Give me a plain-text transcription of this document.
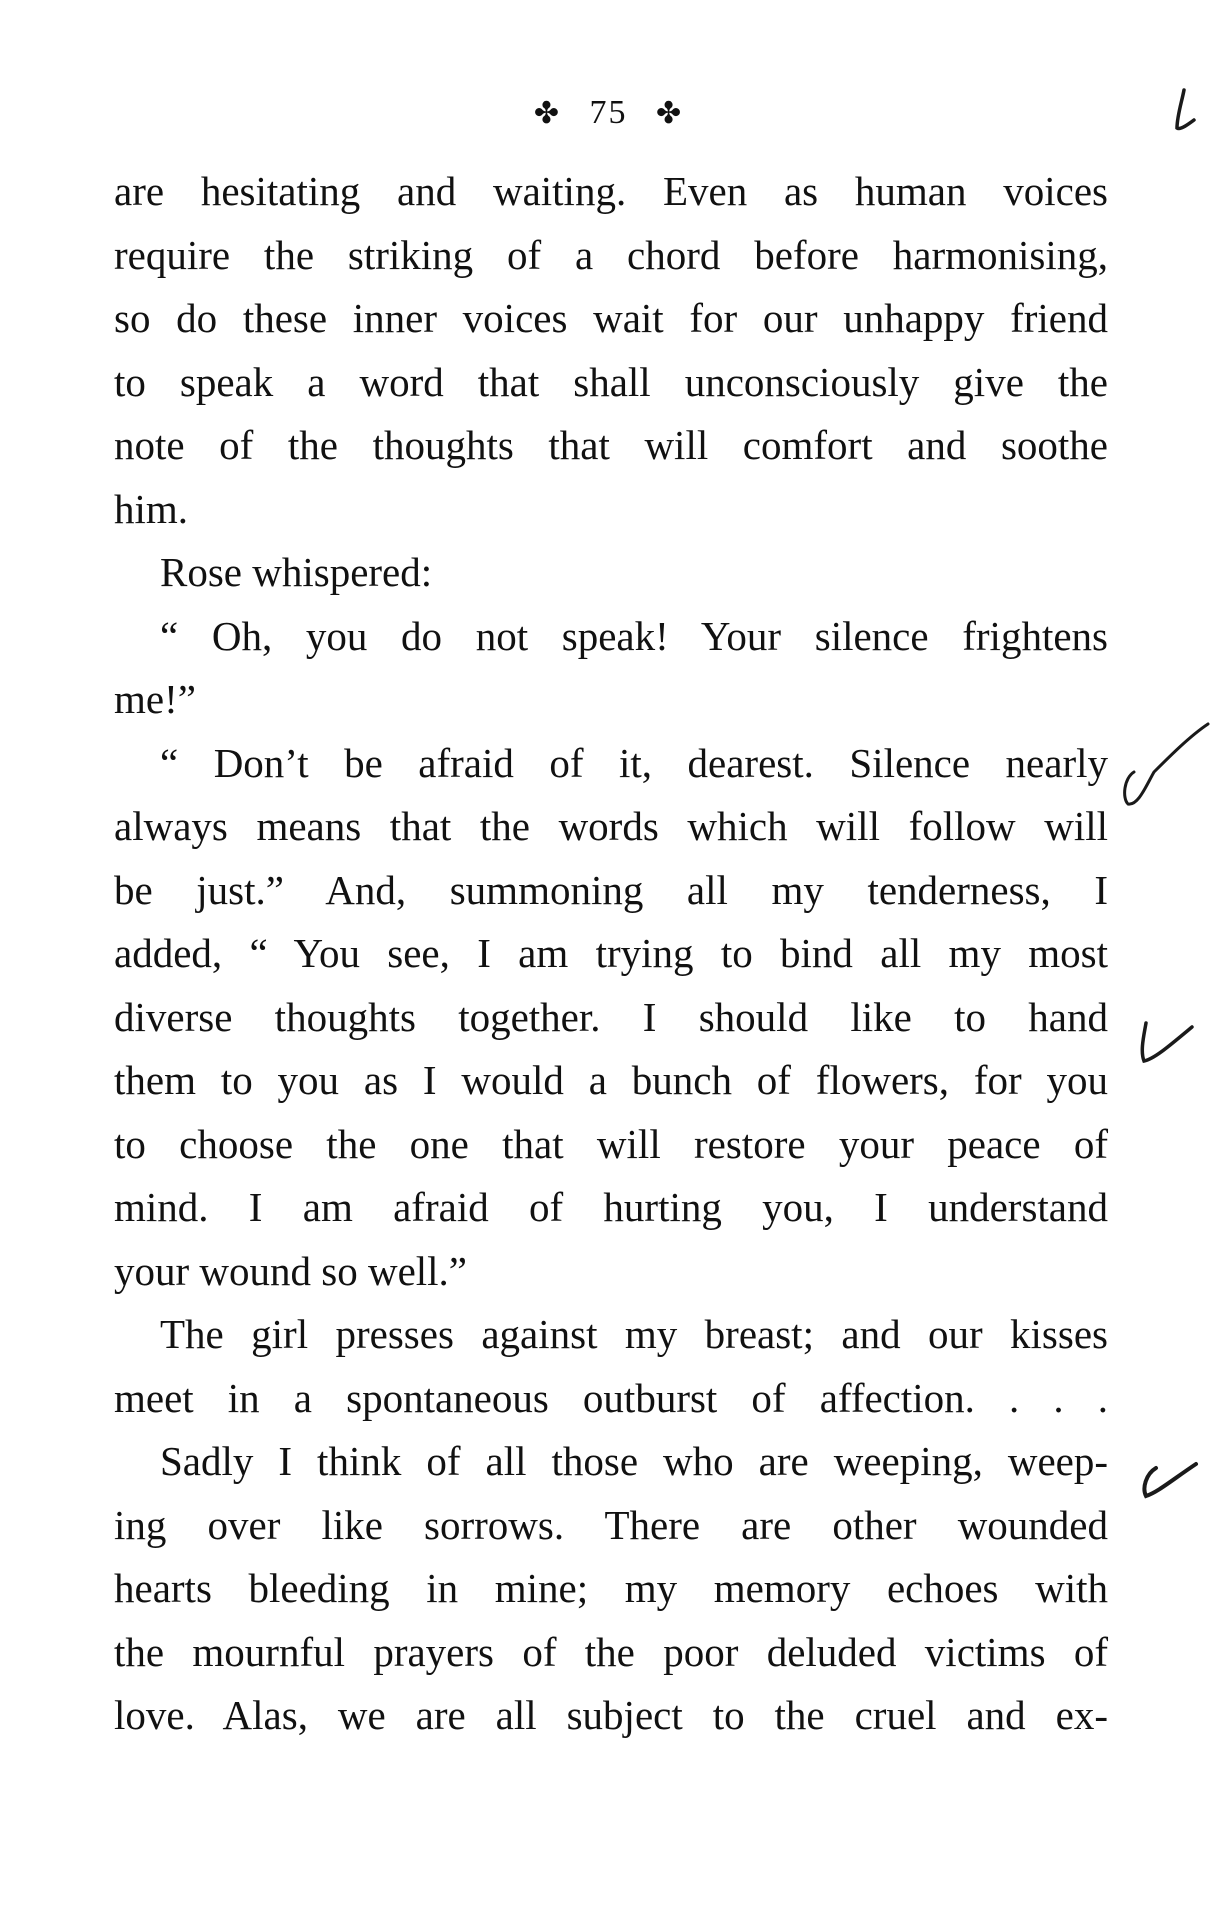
✤ 75 ✤
are hesitating and waiting. Even as human voices
require the striking of a chord before harmonising,
so do these inner voices wait for our unhappy friend
to speak a word that shall unconsciously give the
note of the thoughts that will comfort and soothe
him.
Rose whispered:
“ Oh, you do not speak! Your silence frightens
me!”
“ Don’t be afraid of it, dearest. Silence nearly
always means that the words which will follow will
be just.” And, summoning all my tenderness, I
added, “ You see, I am trying to bind all my most
diverse thoughts together. I should like to hand
them to you as I would a bunch of flowers, for you
to choose the one that will restore your peace of
mind. I am afraid of hurting you, I understand
your wound so well.”
The girl presses against my breast; and our kisses
meet in a spontaneous outburst of affection. . . .
Sadly I think of all those who are weeping, weep-
ing over like sorrows. There are other wounded
hearts bleeding in mine; my memory echoes with
the mournful prayers of the poor deluded victims of
love. Alas, we are all subject to the cruel and ex-
